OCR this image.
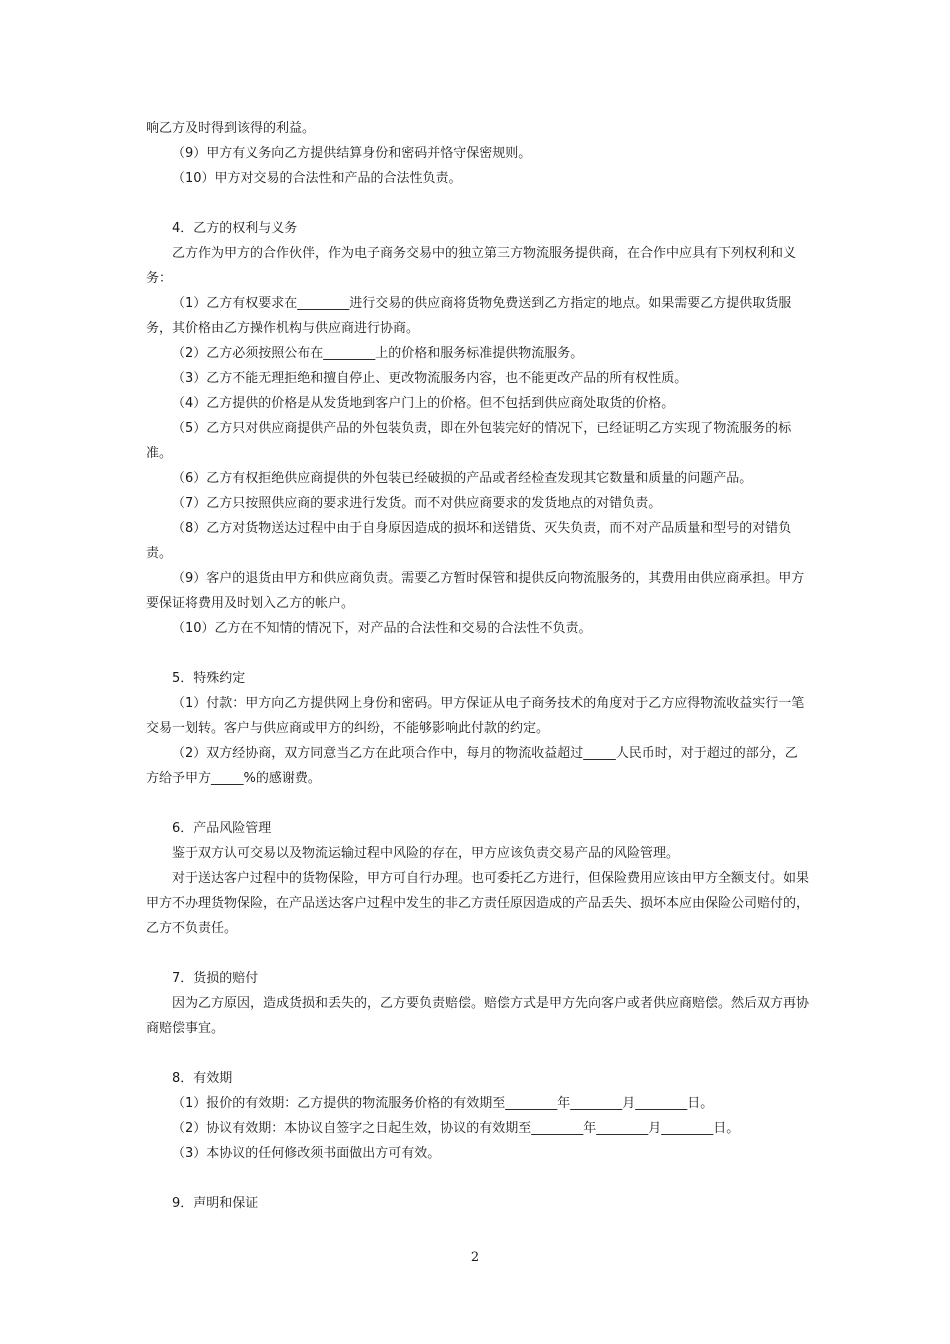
响乙方及时得到该得的利益。
（9）甲方有义务向乙方提供结算身份和密码并恪守保密规则。
（10）甲方对交易的合法性和产品的合法性负责。
4．乙方的权利与义务
乙方作为甲方的合作伙伴，作为电子商务交易中的独立第三方物流服务提供商，在合作中应具有下列权利和义务：
（1）乙方有权要求在________进行交易的供应商将货物免费送到乙方指定的地点。如果需要乙方提供取货服务，其价格由乙方操作机构与供应商进行协商。
（2）乙方必须按照公布在________上的价格和服务标准提供物流服务。
（3）乙方不能无理拒绝和擅自停止、更改物流服务内容，也不能更改产品的所有权性质。
（4）乙方提供的价格是从发货地到客户门上的价格。但不包括到供应商处取货的价格。
（5）乙方只对供应商提供产品的外包装负责，即在外包装完好的情况下，已经证明乙方实现了物流服务的标准。
（6）乙方有权拒绝供应商提供的外包装已经破损的产品或者经检查发现其它数量和质量的问题产品。
（7）乙方只按照供应商的要求进行发货。而不对供应商要求的发货地点的对错负责。
（8）乙方对货物送达过程中由于自身原因造成的损坏和送错货、灭失负责，而不对产品质量和型号的对错负责。
（9）客户的退货由甲方和供应商负责。需要乙方暂时保管和提供反向物流服务的，其费用由供应商承担。甲方要保证将费用及时划入乙方的帐户。
（10）乙方在不知情的情况下，对产品的合法性和交易的合法性不负责。
5．特殊约定
（1）付款：甲方向乙方提供网上身份和密码。甲方保证从电子商务技术的角度对于乙方应得物流收益实行一笔交易一划转。客户与供应商或甲方的纠纷，不能够影响此付款的约定。
（2）双方经协商，双方同意当乙方在此项合作中，每月的物流收益超过_____人民币时，对于超过的部分，乙方给予甲方_____%的感谢费。
6．产品风险管理
鉴于双方认可交易以及物流运输过程中风险的存在，甲方应该负责交易产品的风险管理。
对于送达客户过程中的货物保险，甲方可自行办理。也可委托乙方进行，但保险费用应该由甲方全额支付。如果甲方不办理货物保险，在产品送达客户过程中发生的非乙方责任原因造成的产品丢失、损坏本应由保险公司赔付的，乙方不负责任。
7．货损的赔付
因为乙方原因，造成货损和丢失的，乙方要负责赔偿。赔偿方式是甲方先向客户或者供应商赔偿。然后双方再协商赔偿事宜。
8．有效期
（1）报价的有效期：乙方提供的物流服务价格的有效期至________年________月________日。
（2）协议有效期：本协议自签字之日起生效，协议的有效期至________年________月________日。
（3）本协议的任何修改须书面做出方可有效。
9．声明和保证
2
